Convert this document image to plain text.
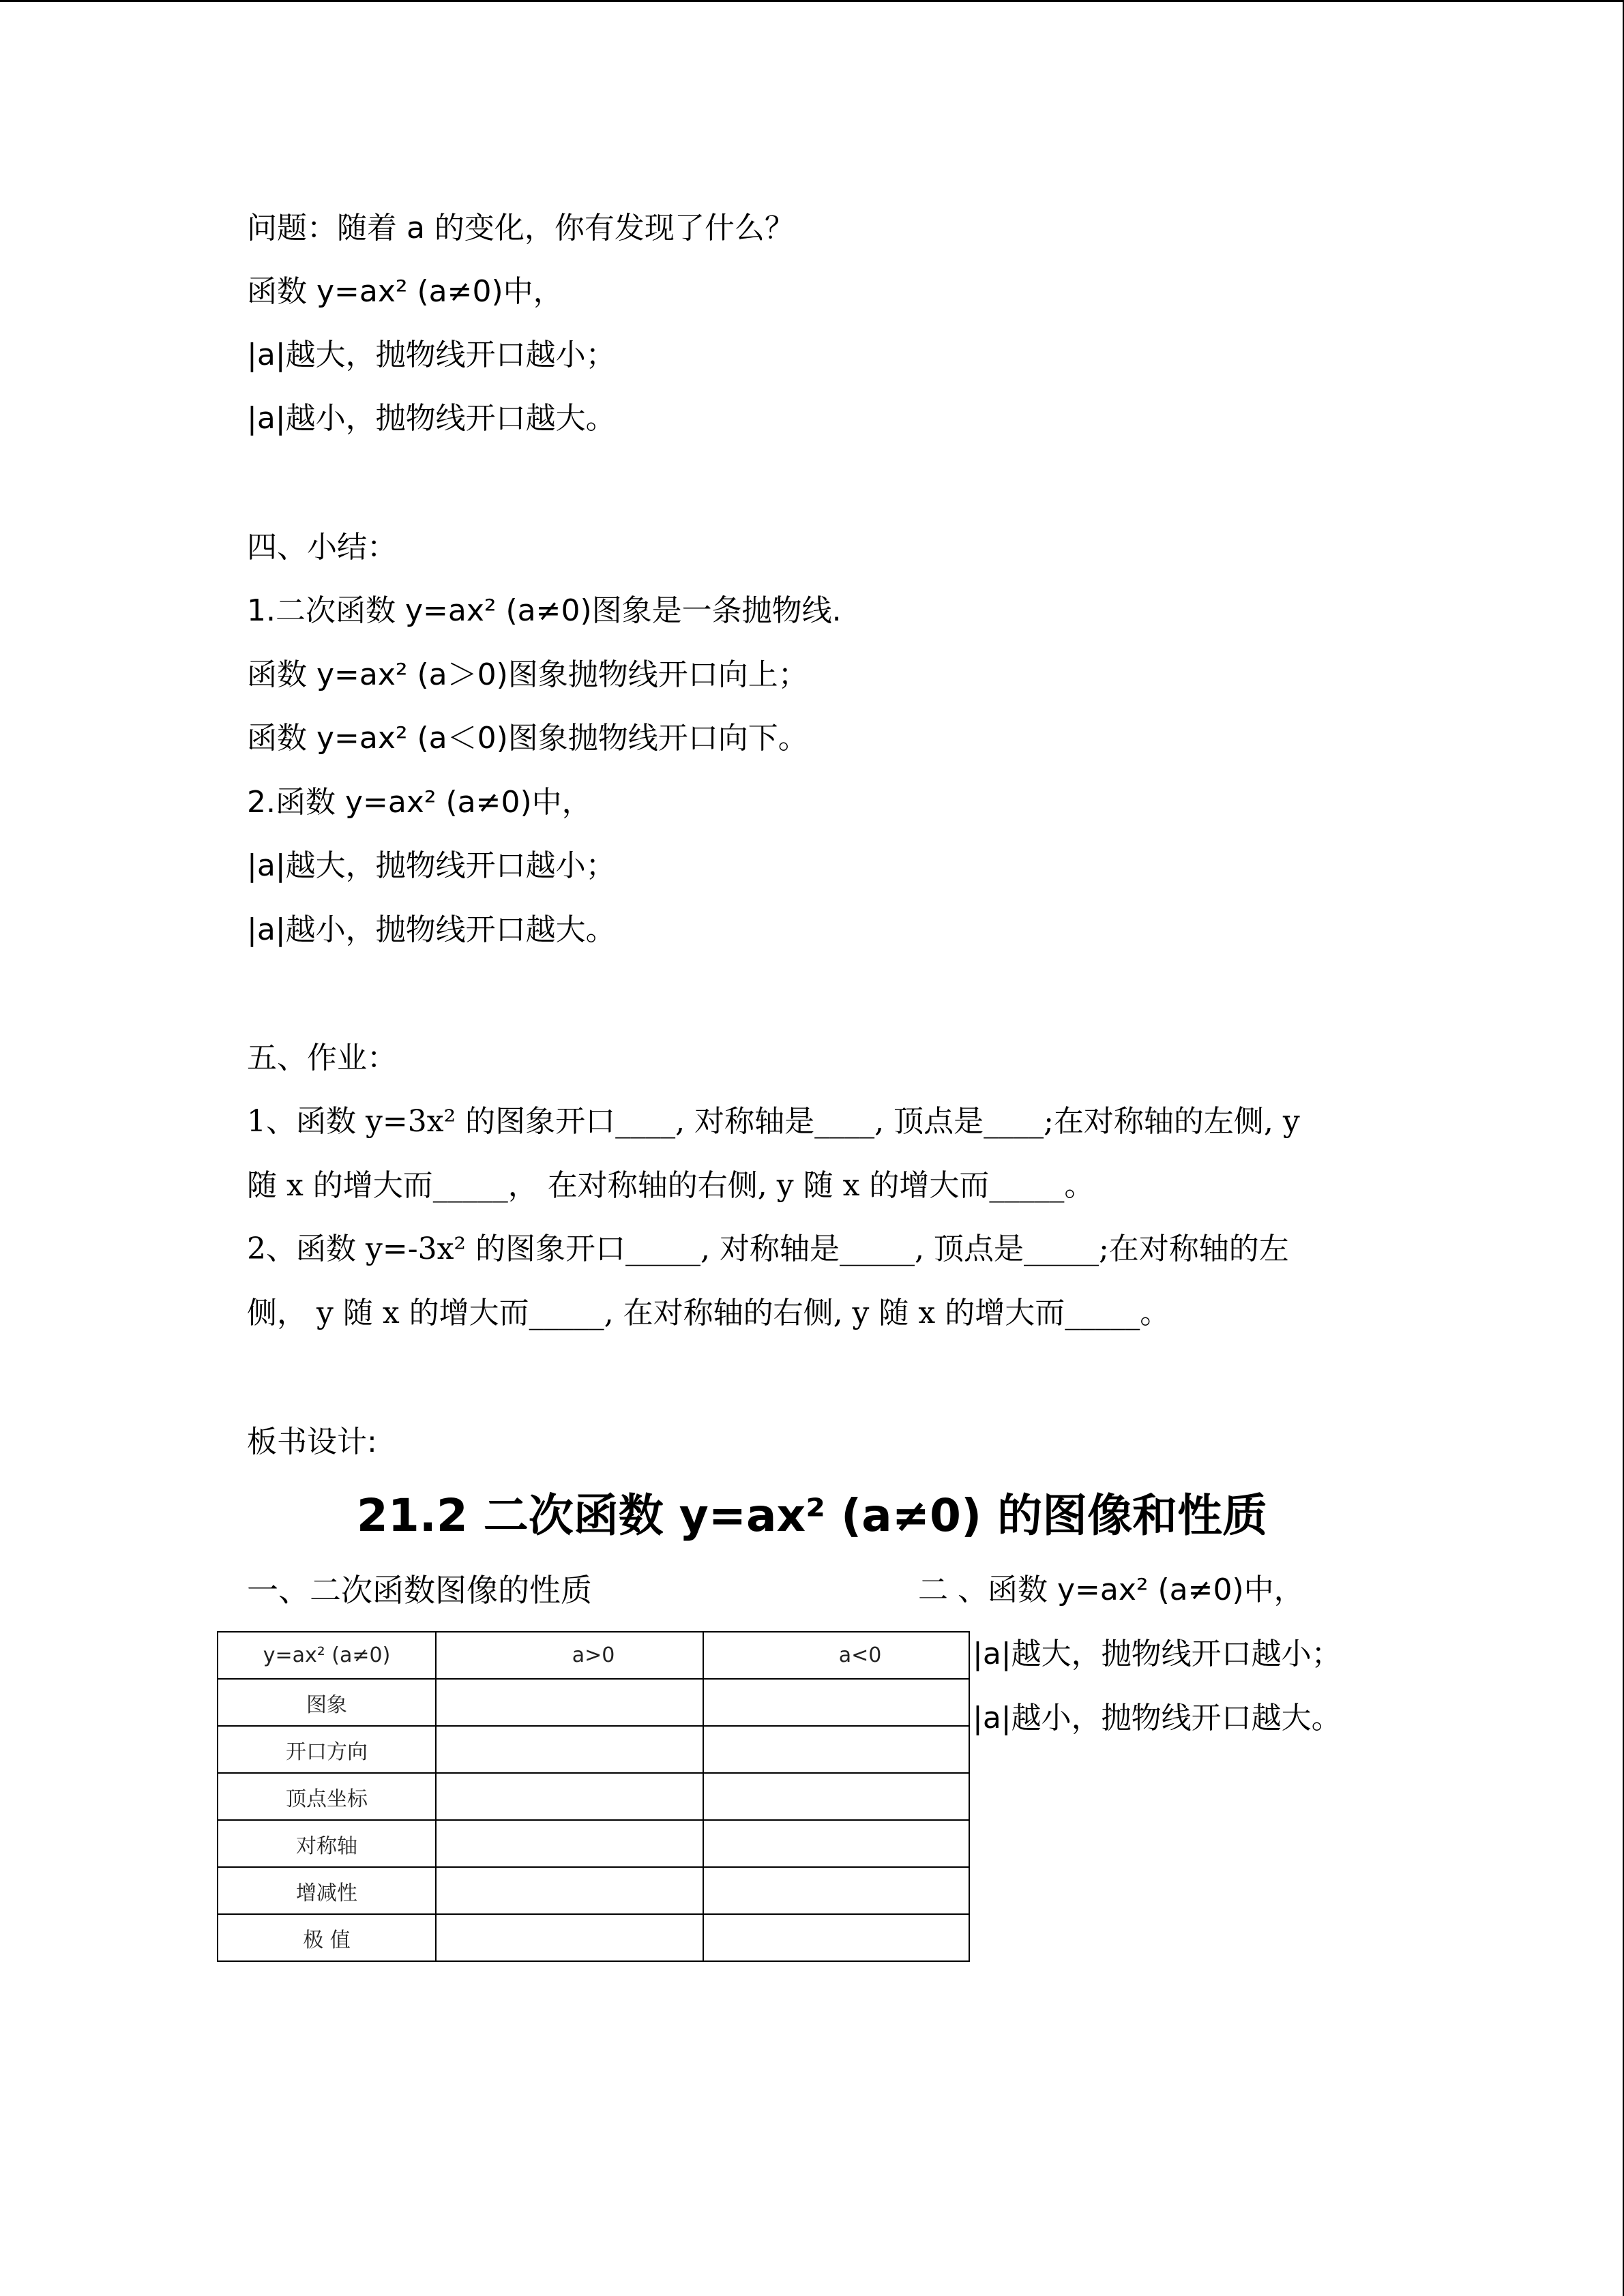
问题：随着 a 的变化，你有发现了什么？
函数 y=ax² (a≠0)中，
|a|越大，抛物线开口越小；
|a|越小，抛物线开口越大。
四、小结：
1.二次函数 y=ax² (a≠0)图象是一条抛物线.
函数 y=ax² (a＞0)图象抛物线开口向上；
函数 y=ax² (a＜0)图象抛物线开口向下。
2.函数 y=ax² (a≠0)中，
|a|越大，抛物线开口越小；
|a|越小，抛物线开口越大。
五、作业：
1、函数 y=3x² 的图象开口____, 对称轴是____, 顶点是____;在对称轴的左侧, y
随 x 的增大而_____， 在对称轴的右侧, y 随 x 的增大而_____。
2、函数 y=-3x² 的图象开口_____, 对称轴是_____, 顶点是_____;在对称轴的左
侧， y 随 x 的增大而_____, 在对称轴的右侧, y 随 x 的增大而_____。
板书设计:
21.2 二次函数 y=ax² (a≠0) 的图像和性质
一、二次函数图像的性质	二 、函数 y=ax² (a≠0)中，
|a|越大，抛物线开口越小；
|a|越小，抛物线开口越大。
y=ax² (a≠0)	a>0	a<0
图象		
开口方向		
顶点坐标		
对称轴		
增减性		
极 值		
